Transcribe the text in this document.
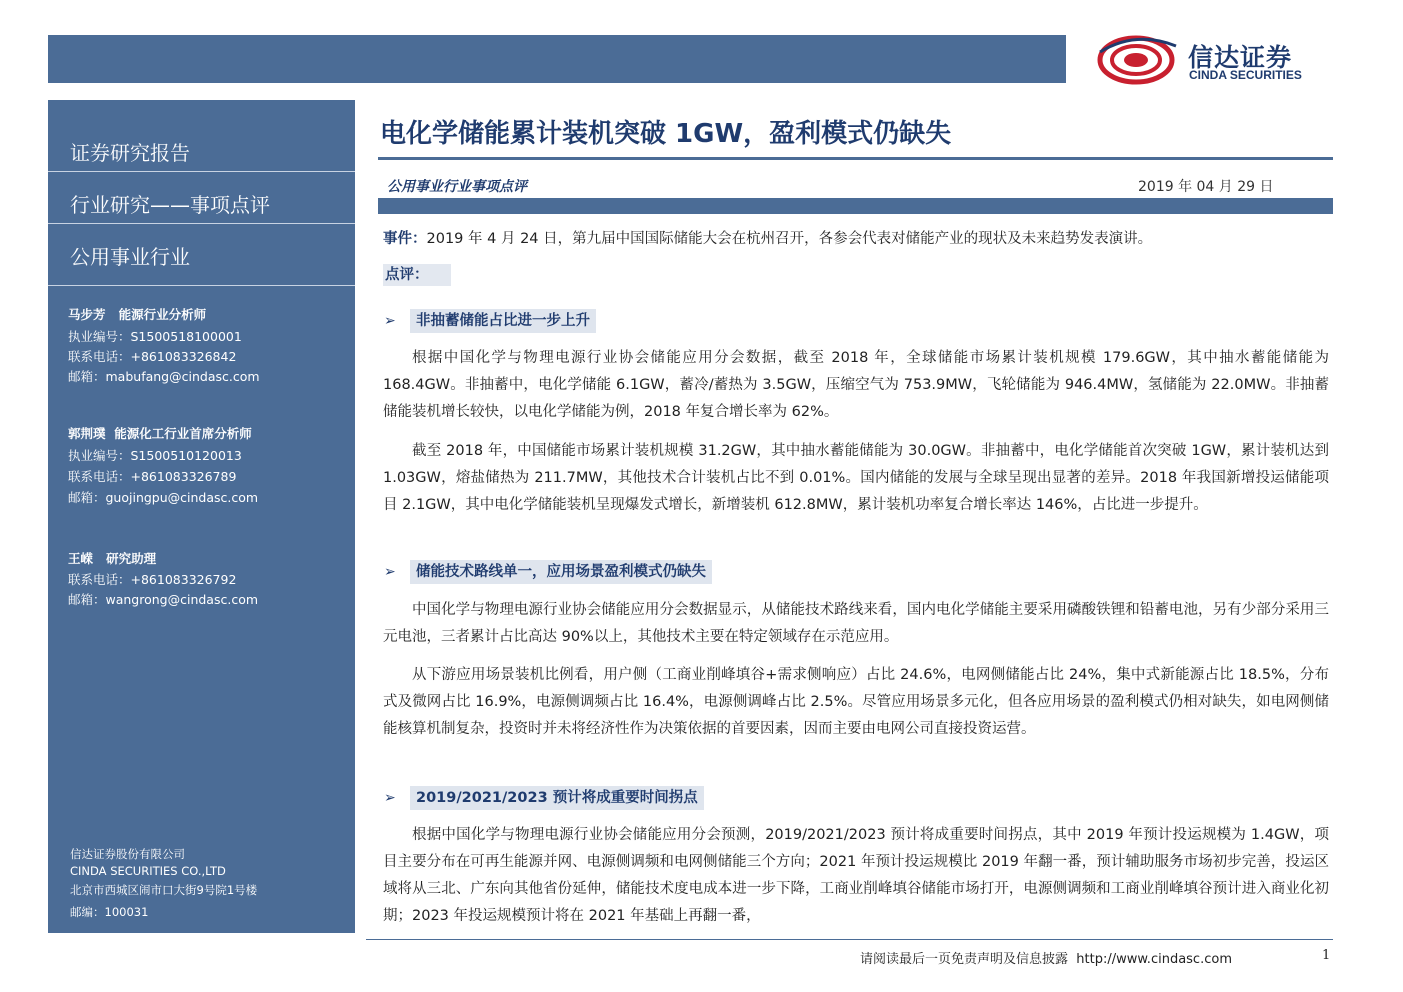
信达证券
CINDA SECURITIES
证券研究报告
行业研究——事项点评
公用事业行业
马步芳 能源行业分析师
执业编号：S1500518100001
联系电话：+861083326842
邮箱：mabufang@cindasc.com
郭荆璞 能源化工行业首席分析师
执业编号：S1500510120013
联系电话：+861083326789
邮箱：guojingpu@cindasc.com
王嵘 研究助理
联系电话：+861083326792
邮箱：wangrong@cindasc.com
信达证券股份有限公司
CINDA SECURITIES CO.,LTD
北京市西城区闹市口大街9号院1号楼
邮编：100031
电化学储能累计装机突破 1GW，盈利模式仍缺失
公用事业行业事项点评	2019 年 04 月 29 日
事件：2019 年 4 月 24 日，第九届中国国际储能大会在杭州召开，各参会代表对储能产业的现状及未来趋势发表演讲。
点评：
➢	非抽蓄储能占比进一步上升

根据中国化学与物理电源行业协会储能应用分会数据，截至 2018 年，全球储能市场累计装机规模 179.6GW，其中抽水蓄能储能为 168.4GW。非抽蓄中，电化学储能 6.1GW，蓄冷/蓄热为 3.5GW，压缩空气为 753.9MW，飞轮储能为 946.4MW，氢储能为 22.0MW。非抽蓄储能装机增长较快，以电化学储能为例，2018 年复合增长率为 62%。

截至 2018 年，中国储能市场累计装机规模 31.2GW，其中抽水蓄能储能为 30.0GW。非抽蓄中，电化学储能首次突破 1GW，累计装机达到 1.03GW，熔盐储热为 211.7MW，其他技术合计装机占比不到 0.01%。国内储能的发展与全球呈现出显著的差异。2018 年我国新增投运储能项目 2.1GW，其中电化学储能装机呈现爆发式增长，新增装机 612.8MW，累计装机功率复合增长率达 146%，占比进一步提升。

➢	储能技术路线单一，应用场景盈利模式仍缺失

中国化学与物理电源行业协会储能应用分会数据显示，从储能技术路线来看，国内电化学储能主要采用磷酸铁锂和铅蓄电池，另有少部分采用三元电池，三者累计占比高达 90%以上，其他技术主要在特定领域存在示范应用。

从下游应用场景装机比例看，用户侧（工商业削峰填谷+需求侧响应）占比 24.6%，电网侧储能占比 24%，集中式新能源占比 18.5%，分布式及微网占比 16.9%，电源侧调频占比 16.4%，电源侧调峰占比 2.5%。尽管应用场景多元化，但各应用场景的盈利模式仍相对缺失，如电网侧储能核算机制复杂，投资时并未将经济性作为决策依据的首要因素，因而主要由电网公司直接投资运营。

➢	2019/2021/2023 预计将成重要时间拐点

根据中国化学与物理电源行业协会储能应用分会预测，2019/2021/2023 预计将成重要时间拐点，其中 2019 年预计投运规模为 1.4GW，项目主要分布在可再生能源并网、电源侧调频和电网侧储能三个方向；2021 年预计投运规模比 2019 年翻一番，预计辅助服务市场初步完善，投运区域将从三北、广东向其他省份延伸，储能技术度电成本进一步下降，工商业削峰填谷储能市场打开，电源侧调频和工商业削峰填谷预计进入商业化初期；2023 年投运规模预计将在 2021 年基础上再翻一番，

请阅读最后一页免责声明及信息披露 http://www.cindasc.com	1
